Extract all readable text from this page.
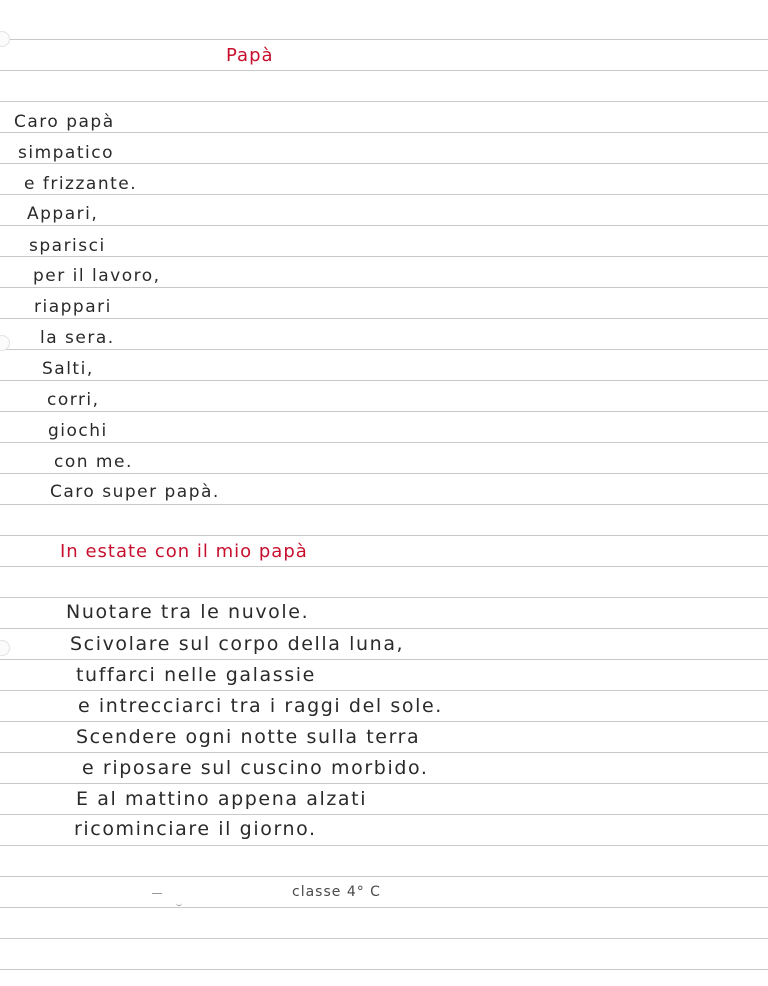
Papà
Caro papà
simpatico
e frizzante.
Appari,
sparisci
per il lavoro,
riappari
la sera.
Salti,
corri,
giochi
con me.
Caro super papà.
In estate con il mio papà
Nuotare tra le nuvole.
Scivolare sul corpo della luna,
tuffarci nelle galassie
e intrecciarci tra i raggi del sole.
Scendere ogni notte sulla terra
e riposare sul cuscino morbido.
E al mattino appena alzati
ricominciare il giorno.
classe 4° C
